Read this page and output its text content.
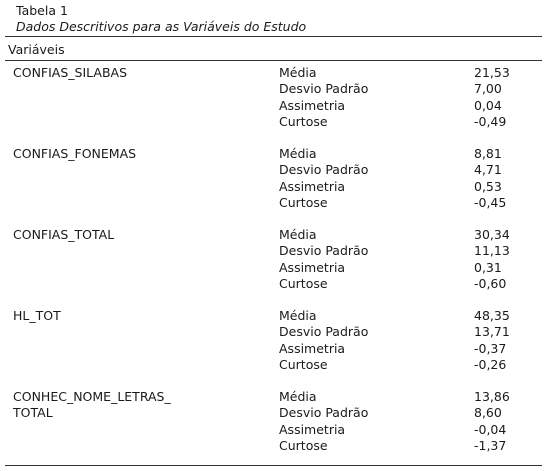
Tabela 1
Dados Descritivos para as Variáveis do Estudo
Variáveis
CONFIAS_SILABAS	Média	21,53
Desvio Padrão	7,00
Assimetria	0,04
Curtose	-0,49
CONFIAS_FONEMAS	Média	8,81
Desvio Padrão	4,71
Assimetria	0,53
Curtose	-0,45
CONFIAS_TOTAL	Média	30,34
Desvio Padrão	11,13
Assimetria	0,31
Curtose	-0,60
HL_TOT	Média	48,35
Desvio Padrão	13,71
Assimetria	-0,37
Curtose	-0,26
CONHEC_NOME_LETRAS_
TOTAL
Média	13,86
Desvio Padrão	8,60
Assimetria	-0,04
Curtose	-1,37
